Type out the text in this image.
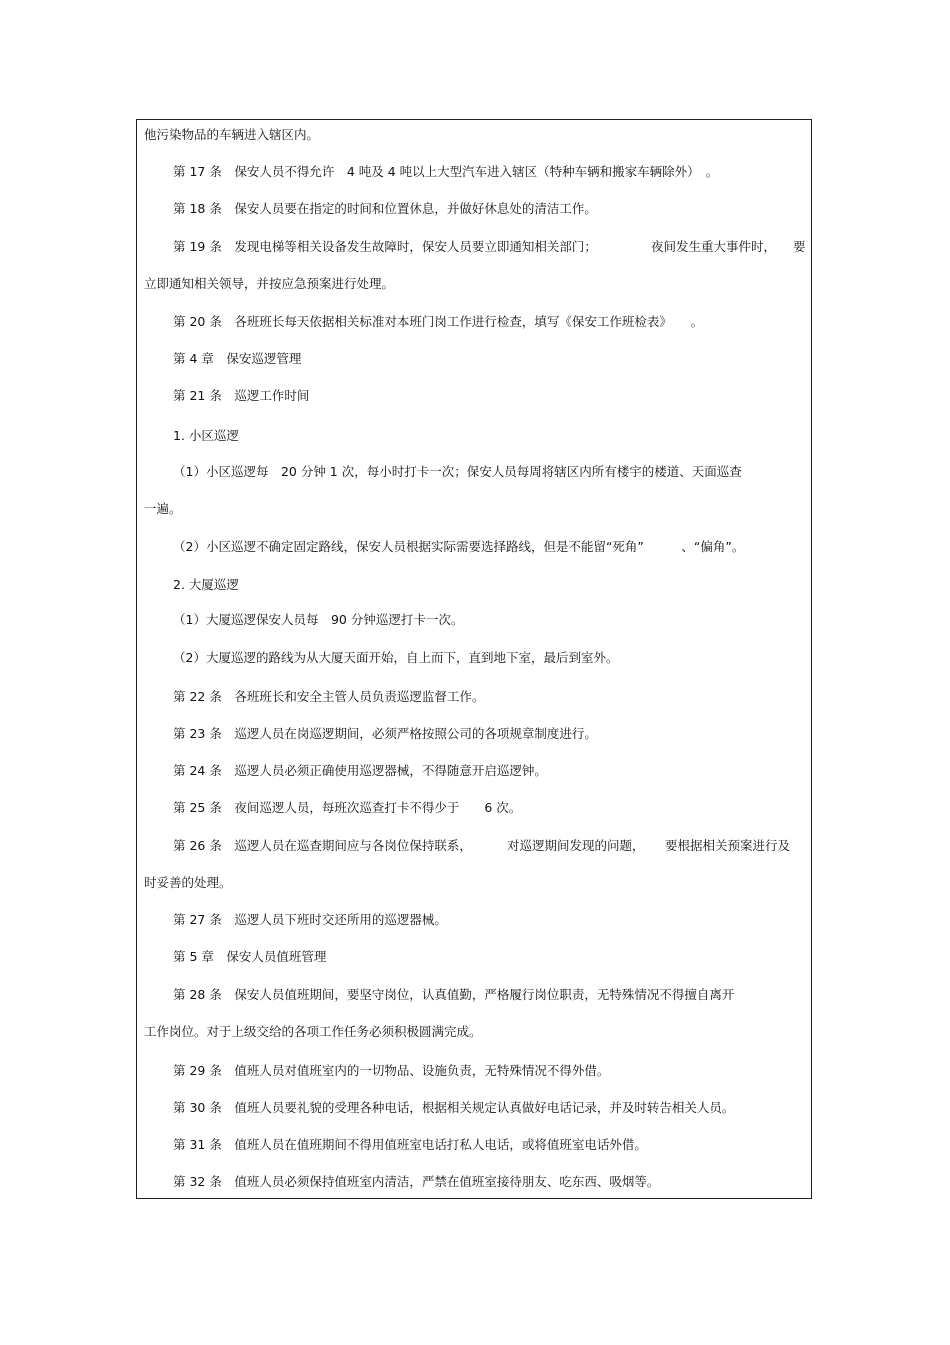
他污染物品的车辆进入辖区内。
第 17 条　保安人员不得允许　4 吨及 4 吨以上大型汽车进入辖区（特种车辆和搬家车辆除外）　。
第 18 条　保安人员要在指定的时间和位置休息，并做好休息处的清洁工作。
第 19 条　发现电梯等相关设备发生故障时，保安人员要立即通知相关部门；	夜间发生重大事件时， 要
立即通知相关领导，并按应急预案进行处理。
第 20 条　各班班长每天依据相关标准对本班门岗工作进行检查，填写《保安工作班检表》　　。
第 4 章　保安巡逻管理
第 21 条　巡逻工作时间
1. 小区巡逻
（1）小区巡逻每　20 分钟 1 次，每小时打卡一次；保安人员每周将辖区内所有楼宇的楼道、天面巡查
一遍。
（2）小区巡逻不确定固定路线，保安人员根据实际需要选择路线，但是不能留“死角”　　　、“偏角”。
2. 大厦巡逻
（1）大厦巡逻保安人员每　90 分钟巡逻打卡一次。
（2）大厦巡逻的路线为从大厦天面开始，自上而下，直到地下室，最后到室外。
第 22 条　各班班长和安全主管人员负责巡逻监督工作。
第 23 条　巡逻人员在岗巡逻期间，必须严格按照公司的各项规章制度进行。
第 24 条　巡逻人员必须正确使用巡逻器械，不得随意开启巡逻钟。
第 25 条　夜间巡逻人员，每班次巡查打卡不得少于　　6 次。
第 26 条　巡逻人员在巡查期间应与各岗位保持联系，	对巡逻期间发现的问题， 要根据相关预案进行及
时妥善的处理。
第 27 条　巡逻人员下班时交还所用的巡逻器械。
第 5 章　保安人员值班管理
第 28 条　保安人员值班期间，要坚守岗位，认真值勤，严格履行岗位职责，无特殊情况不得擅自离开
工作岗位。对于上级交给的各项工作任务必须积极圆满完成。
第 29 条　值班人员对值班室内的一切物品、设施负责，无特殊情况不得外借。
第 30 条　值班人员要礼貌的受理各种电话，根据相关规定认真做好电话记录，并及时转告相关人员。
第 31 条　值班人员在值班期间不得用值班室电话打私人电话，或将值班室电话外借。
第 32 条　值班人员必须保持值班室内清洁，严禁在值班室接待朋友、吃东西、吸烟等。
